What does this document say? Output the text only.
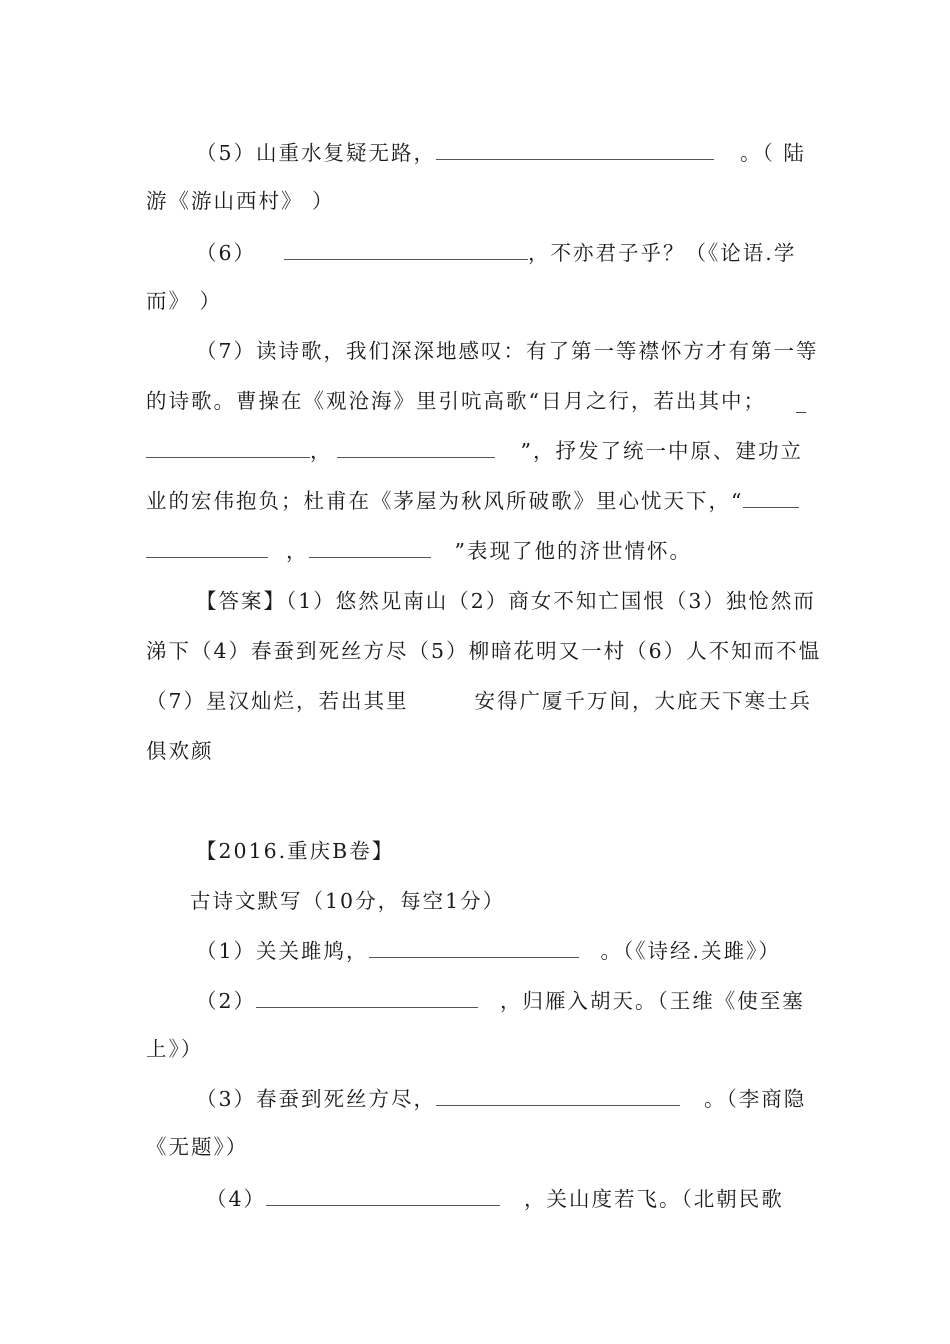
（5）山重水复疑无路，	。（ 陆
游《游山西村》 ）
（6）	，不亦君子乎？（《论语.学
而》 ）
（7）读诗歌，我们深深地感叹：有了第一等襟怀方才有第一等
的诗歌。曹操在《观沧海》里引吭高歌“日月之行，若出其中； _
，	”，抒发了统一中原、建功立
业的宏伟抱负；杜甫在《茅屋为秋风所破歌》里心忧天下，“
，	”表现了他的济世情怀。
【答案】（1）悠然见南山（2）商女不知亡国恨（3）独怆然而
涕下（4）春蚕到死丝方尽（5）柳暗花明又一村（6）人不知而不愠
（7）星汉灿烂，若出其里	安得广厦千万间，大庇天下寒士兵
俱欢颜
【2016.重庆B卷】
古诗文默写（10分，每空1分）
（1）关关雎鸠，	。（《诗经.关雎》）
（2）	，归雁入胡天。（王维《使至塞
上》）
（3）春蚕到死丝方尽，	。（李商隐
《无题》）
（4）	，关山度若飞。（北朝民歌
